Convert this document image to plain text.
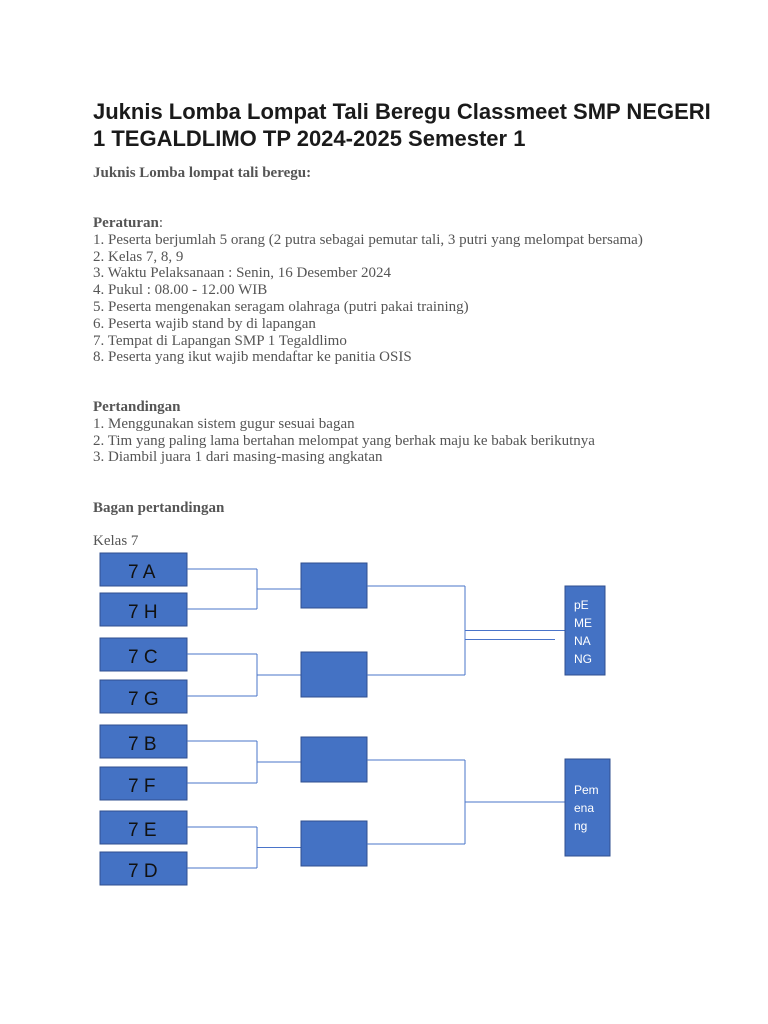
Juknis Lomba Lompat Tali Beregu Classmeet SMP NEGERI 1 TEGALDLIMO TP 2024-2025 Semester 1
Juknis Lomba lompat tali beregu:
Peraturan:
1. Peserta berjumlah 5 orang (2 putra sebagai pemutar tali, 3 putri yang melompat bersama)
2. Kelas 7, 8, 9
3. Waktu Pelaksanaan : Senin, 16 Desember 2024
4. Pukul : 08.00 - 12.00 WIB
5. Peserta mengenakan seragam olahraga (putri pakai training)
6. Peserta wajib stand by di lapangan
7. Tempat di Lapangan SMP 1 Tegaldlimo
8. Peserta yang ikut wajib mendaftar ke panitia OSIS
Pertandingan
1. Menggunakan sistem gugur sesuai bagan
2. Tim yang paling lama bertahan melompat yang berhak maju ke babak berikutnya
3. Diambil juara 1 dari masing-masing angkatan
Bagan pertandingan
Kelas 7
7 A
7 H
7 C
7 G
7 B
7 F
7 E
7 D
pE
ME
NA
NG
Pem
ena
ng
